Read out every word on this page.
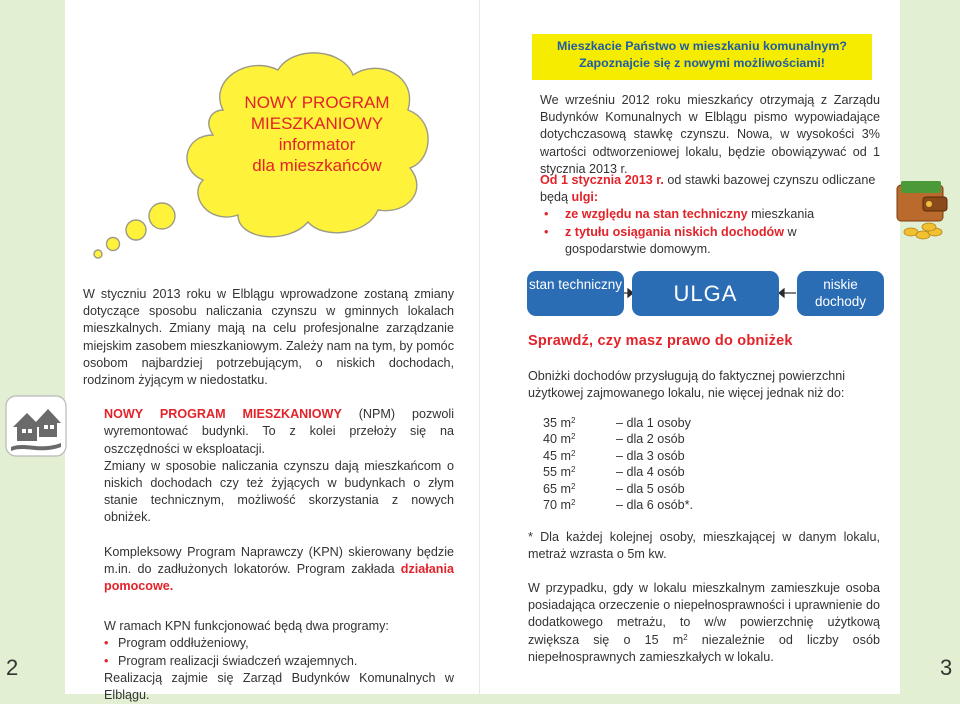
2	3
NOWY PROGRAM
MIESZKANIOWY
informator
dla mieszkańców

W styczniu 2013 roku w Elblągu wprowadzone zostaną zmiany dotyczące sposobu naliczania czynszu w gminnych lokalach mieszkalnych. Zmiany mają na celu profesjonalne zarządzanie miejskim zasobem mieszkaniowym. Zależy nam na tym, by pomóc osobom najbardziej potrzebującym, o niskich dochodach, rodzinom żyjącym w niedostatku.

NOWY PROGRAM MIESZKANIOWY (NPM) pozwoli wyremontować budynki. To z kolei przełoży się na oszczędności w eksploatacji.

Zmiany w sposobie naliczania czynszu dają mieszkańcom o niskich dochodach czy też żyjących w budynkach o złym stanie technicznym, możliwość skorzystania z nowych obniżek.

Kompleksowy Program Naprawczy (KPN) skierowany będzie m.in. do zadłużonych lokatorów. Program zakłada działania pomocowe.

W ramach KPN funkcjonować będą dwa programy:

• Program oddłużeniowy,
• Program realizacji świadczeń wzajemnych.

Realizacją zajmie się Zarząd Budynków Komunalnych w Elblągu.

Mieszkacie Państwo w mieszkaniu komunalnym?
Zapoznajcie się z nowymi możliwościami!

We wrześniu 2012 roku mieszkańcy otrzymają z Zarządu Budynków Komunalnych w Elblągu pismo wypowiadające dotychczasową stawkę czynszu. Nowa, w wysokości 3% wartości odtworzeniowej lokalu, będzie obowiązywać od 1 stycznia 2013 r.

Od 1 stycznia 2013 r. od stawki bazowej czynszu odliczane będą ulgi:

• ze względu na stan techniczny mieszkania
• z tytułu osiągania niskich dochodów w gospodarstwie domowym.
stan techniczny	ULGA	niskie dochody
Sprawdź, czy masz prawo do obniżek

Obniżki dochodów przysługują do faktycznej powierzchni użytkowej zajmowanego lokalu, nie więcej jednak niż do:

35 $m^2$	– dla 1 osoby
40 $m^2$	– dla 2 osób
45 $m^2$	– dla 3 osób
55 $m^2$	– dla 4 osób
65 $m^2$	– dla 5 osób
70 $m^2$	– dla 6 osób*.

* Dla każdej kolejnej osoby, mieszkającej w danym lokalu, metraż wzrasta o 5m kw.

W przypadku, gdy w lokalu mieszkalnym zamieszkuje osoba posiadająca orzeczenie o niepełnosprawności i uprawnienie do dodatkowego metrażu, to w/w powierzchnię użytkową zwiększa się o 15 $m^2$ niezależnie od liczby osób niepełnosprawnych zamieszkałych w lokalu.
